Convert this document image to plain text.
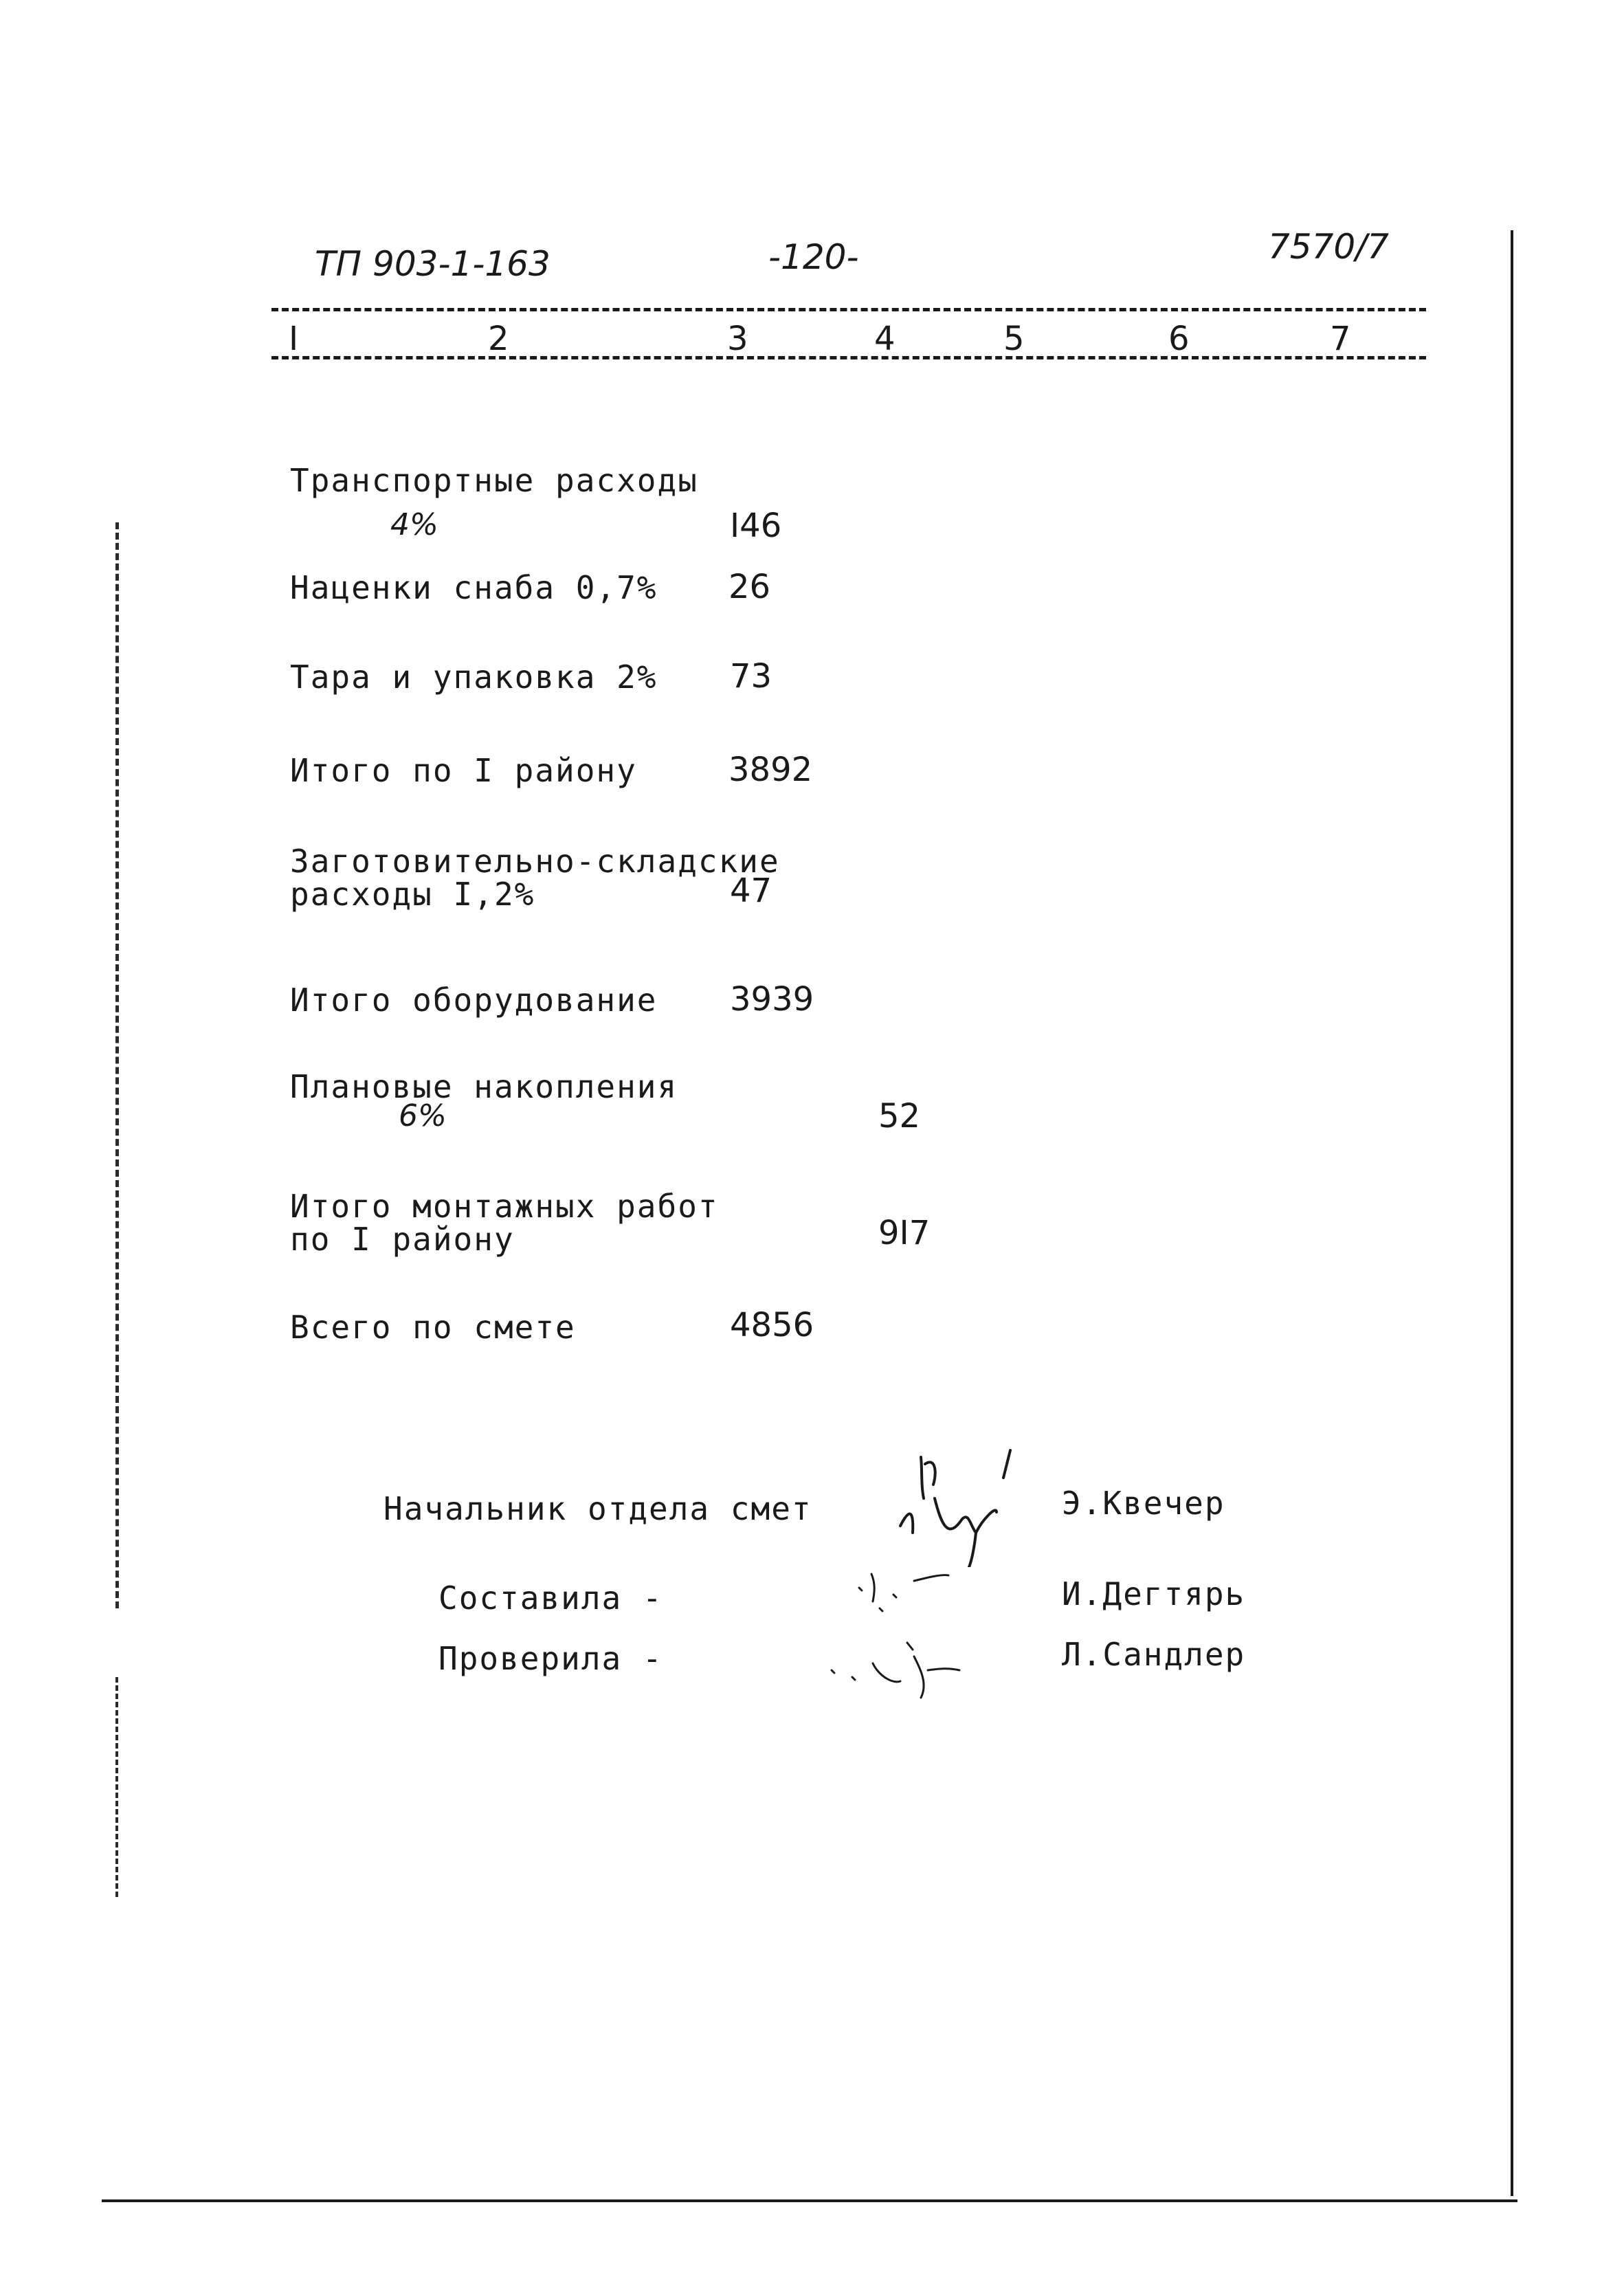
ТП 903-1-163	-120-	7570/7
I	2	3	4	5	6	7
Транспортные расходы
4%	I46
Наценки снаба 0,7% 26
Тара и упаковка 2% 73
Итого по I району	3892
Заготовительно-складские
расходы I,2%	47
Итого оборудование 3939
Плановые накопления
6%	52
Итого монтажных работ
по I району	9I7
Всего по смете	4856
Начальник отдела смет	Э.Квечер
Составила -	И.Дегтярь
Проверила -	Л.Сандлер
